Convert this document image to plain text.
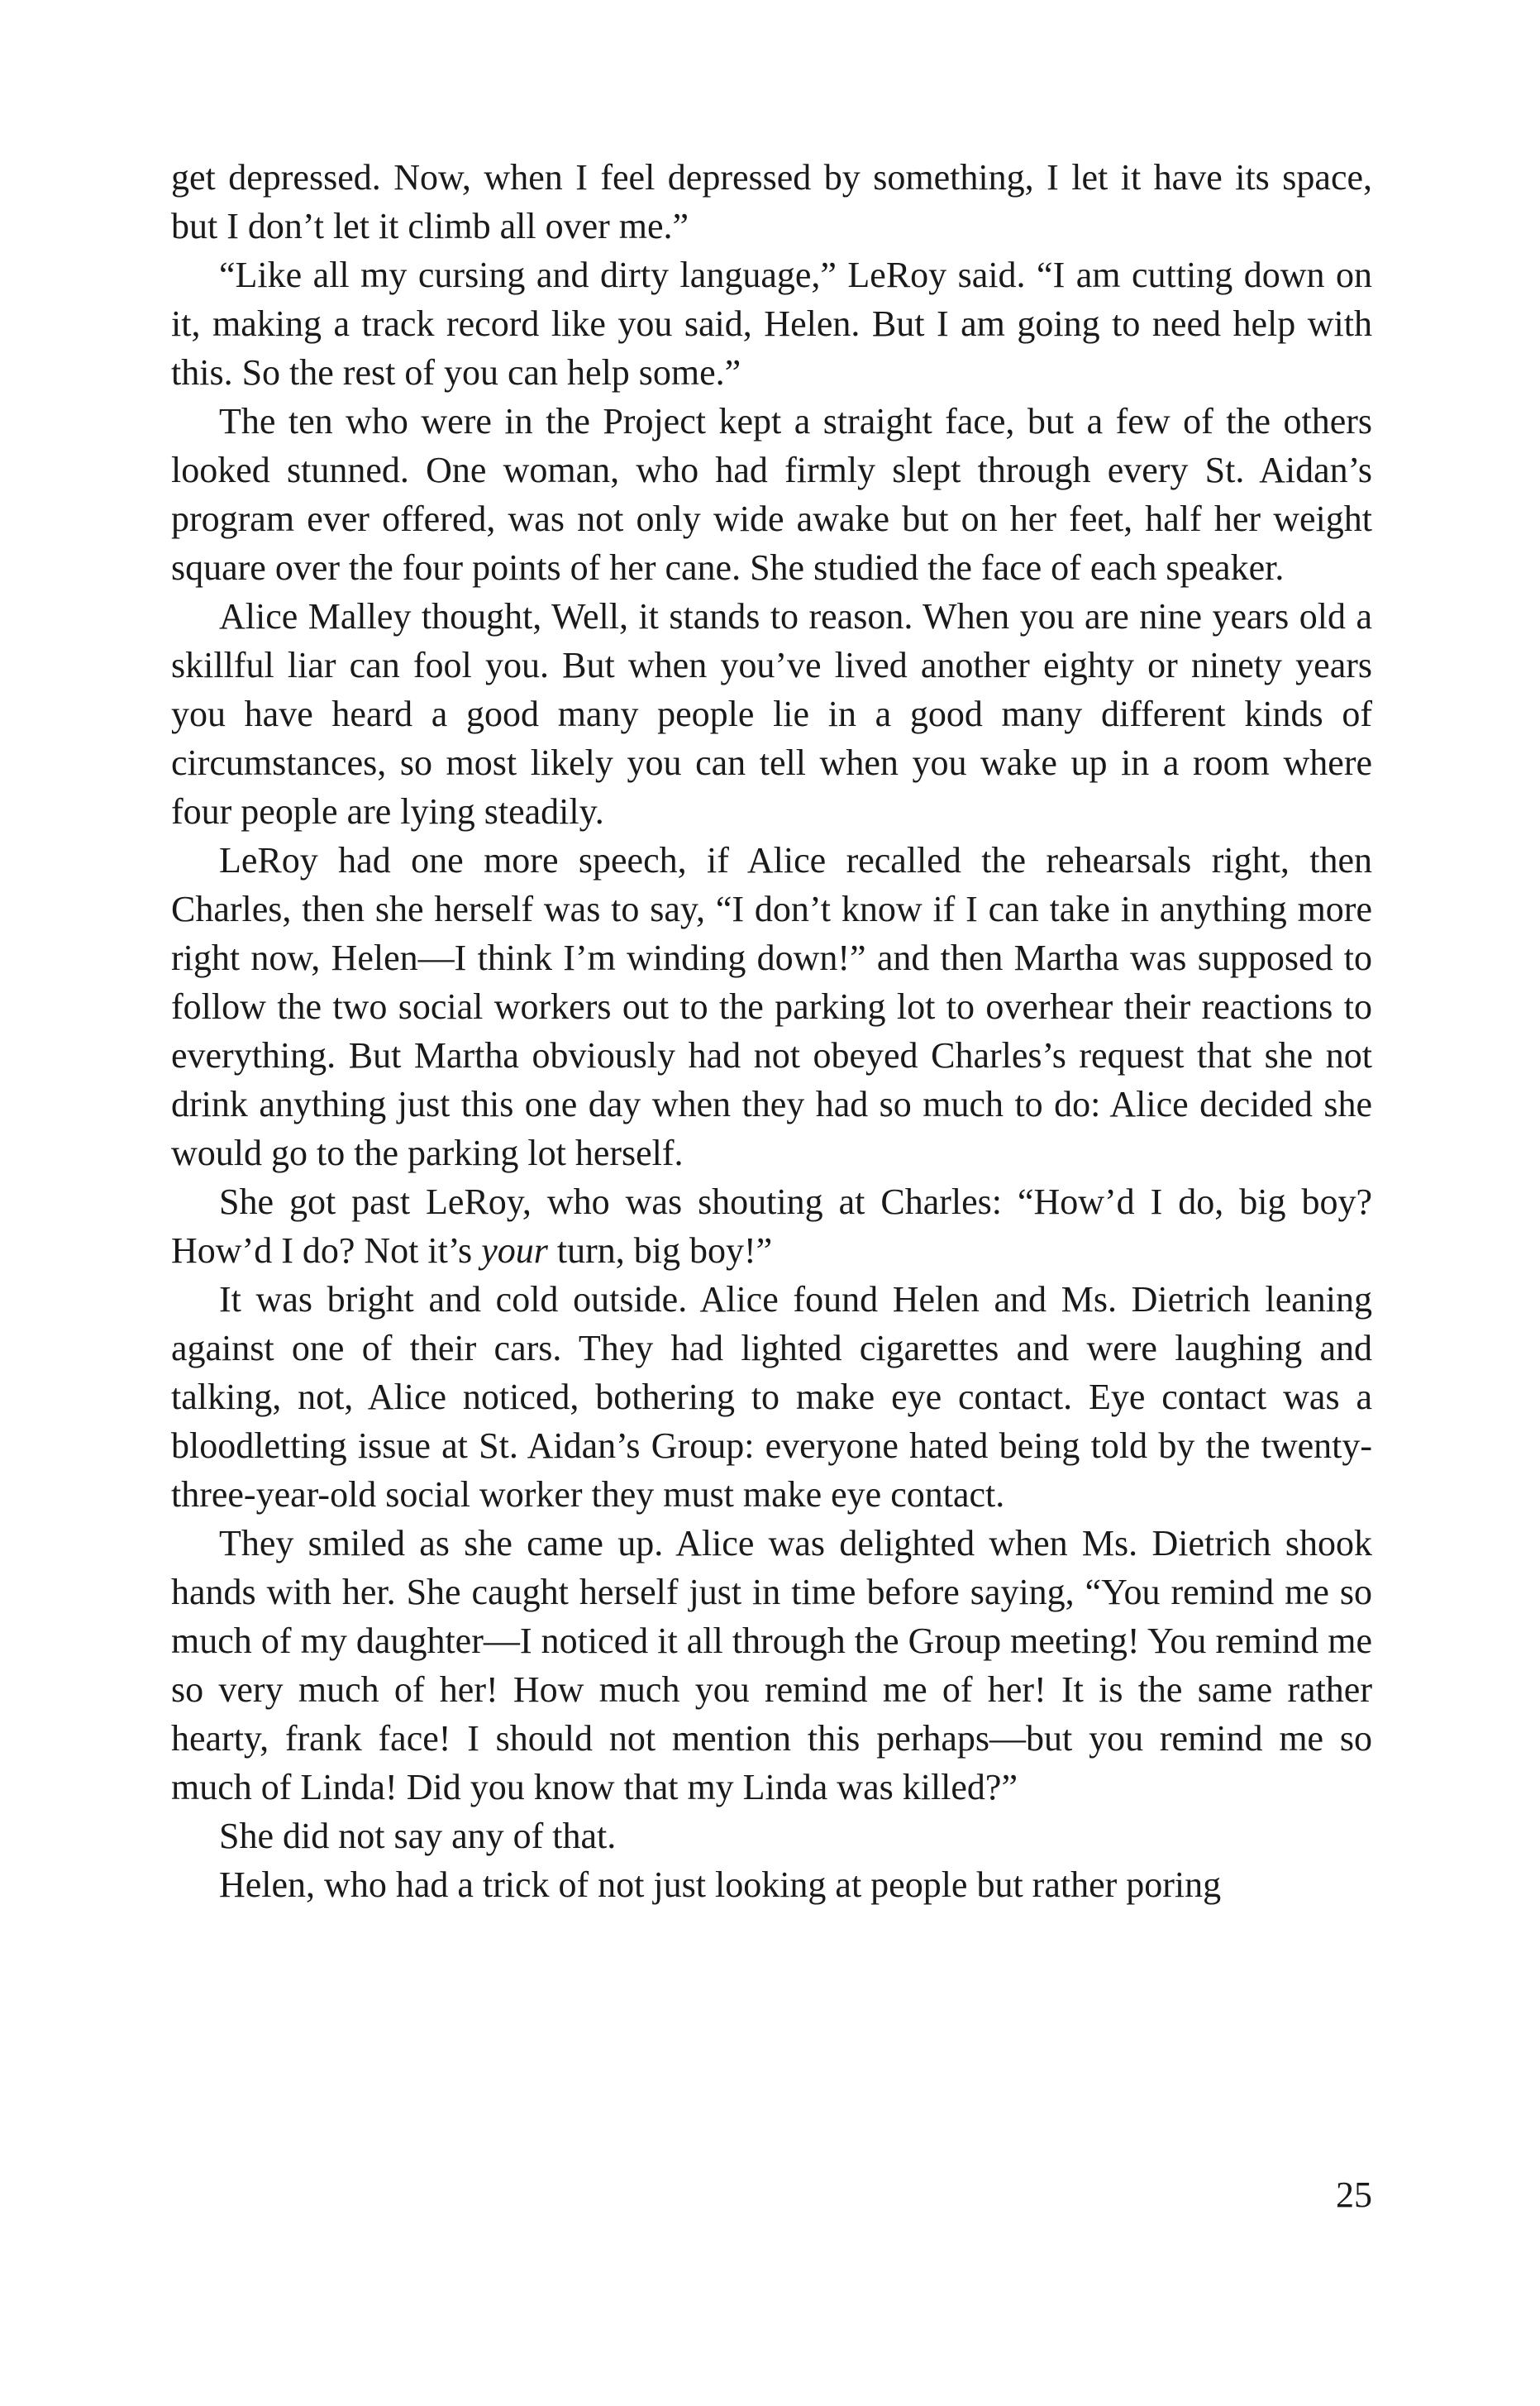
get depressed. Now, when I feel depressed by something, I let it have its space, but I don’t let it climb all over me.”

“Like all my cursing and dirty language,” LeRoy said. “I am cutting down on it, making a track record like you said, Helen. But I am going to need help with this. So the rest of you can help some.”

The ten who were in the Project kept a straight face, but a few of the others looked stunned. One woman, who had firmly slept through every St. Aidan’s program ever offered, was not only wide awake but on her feet, half her weight square over the four points of her cane. She studied the face of each speaker.

Alice Malley thought, Well, it stands to reason. When you are nine years old a skillful liar can fool you. But when you’ve lived another eighty or ninety years you have heard a good many people lie in a good many different kinds of circumstances, so most likely you can tell when you wake up in a room where four people are lying steadily.

LeRoy had one more speech, if Alice recalled the rehearsals right, then Charles, then she herself was to say, “I don’t know if I can take in anything more right now, Helen—I think I’m winding down!” and then Martha was supposed to follow the two social workers out to the parking lot to overhear their reactions to everything. But Martha obviously had not obeyed Charles’s request that she not drink anything just this one day when they had so much to do: Alice decided she would go to the parking lot herself.

She got past LeRoy, who was shouting at Charles: “How’d I do, big boy? How’d I do? Not it’s your turn, big boy!”

It was bright and cold outside. Alice found Helen and Ms. Dietrich leaning against one of their cars. They had lighted cigarettes and were laughing and talking, not, Alice noticed, bothering to make eye contact. Eye contact was a bloodletting issue at St. Aidan’s Group: everyone hated being told by the twenty-three-year-old social worker they must make eye contact.

They smiled as she came up. Alice was delighted when Ms. Dietrich shook hands with her. She caught herself just in time before saying, “You remind me so much of my daughter—I noticed it all through the Group meeting! You remind me so very much of her! How much you remind me of her! It is the same rather hearty, frank face! I should not mention this perhaps—but you remind me so much of Linda! Did you know that my Linda was killed?”

She did not say any of that.

Helen, who had a trick of not just looking at people but rather poring

25
